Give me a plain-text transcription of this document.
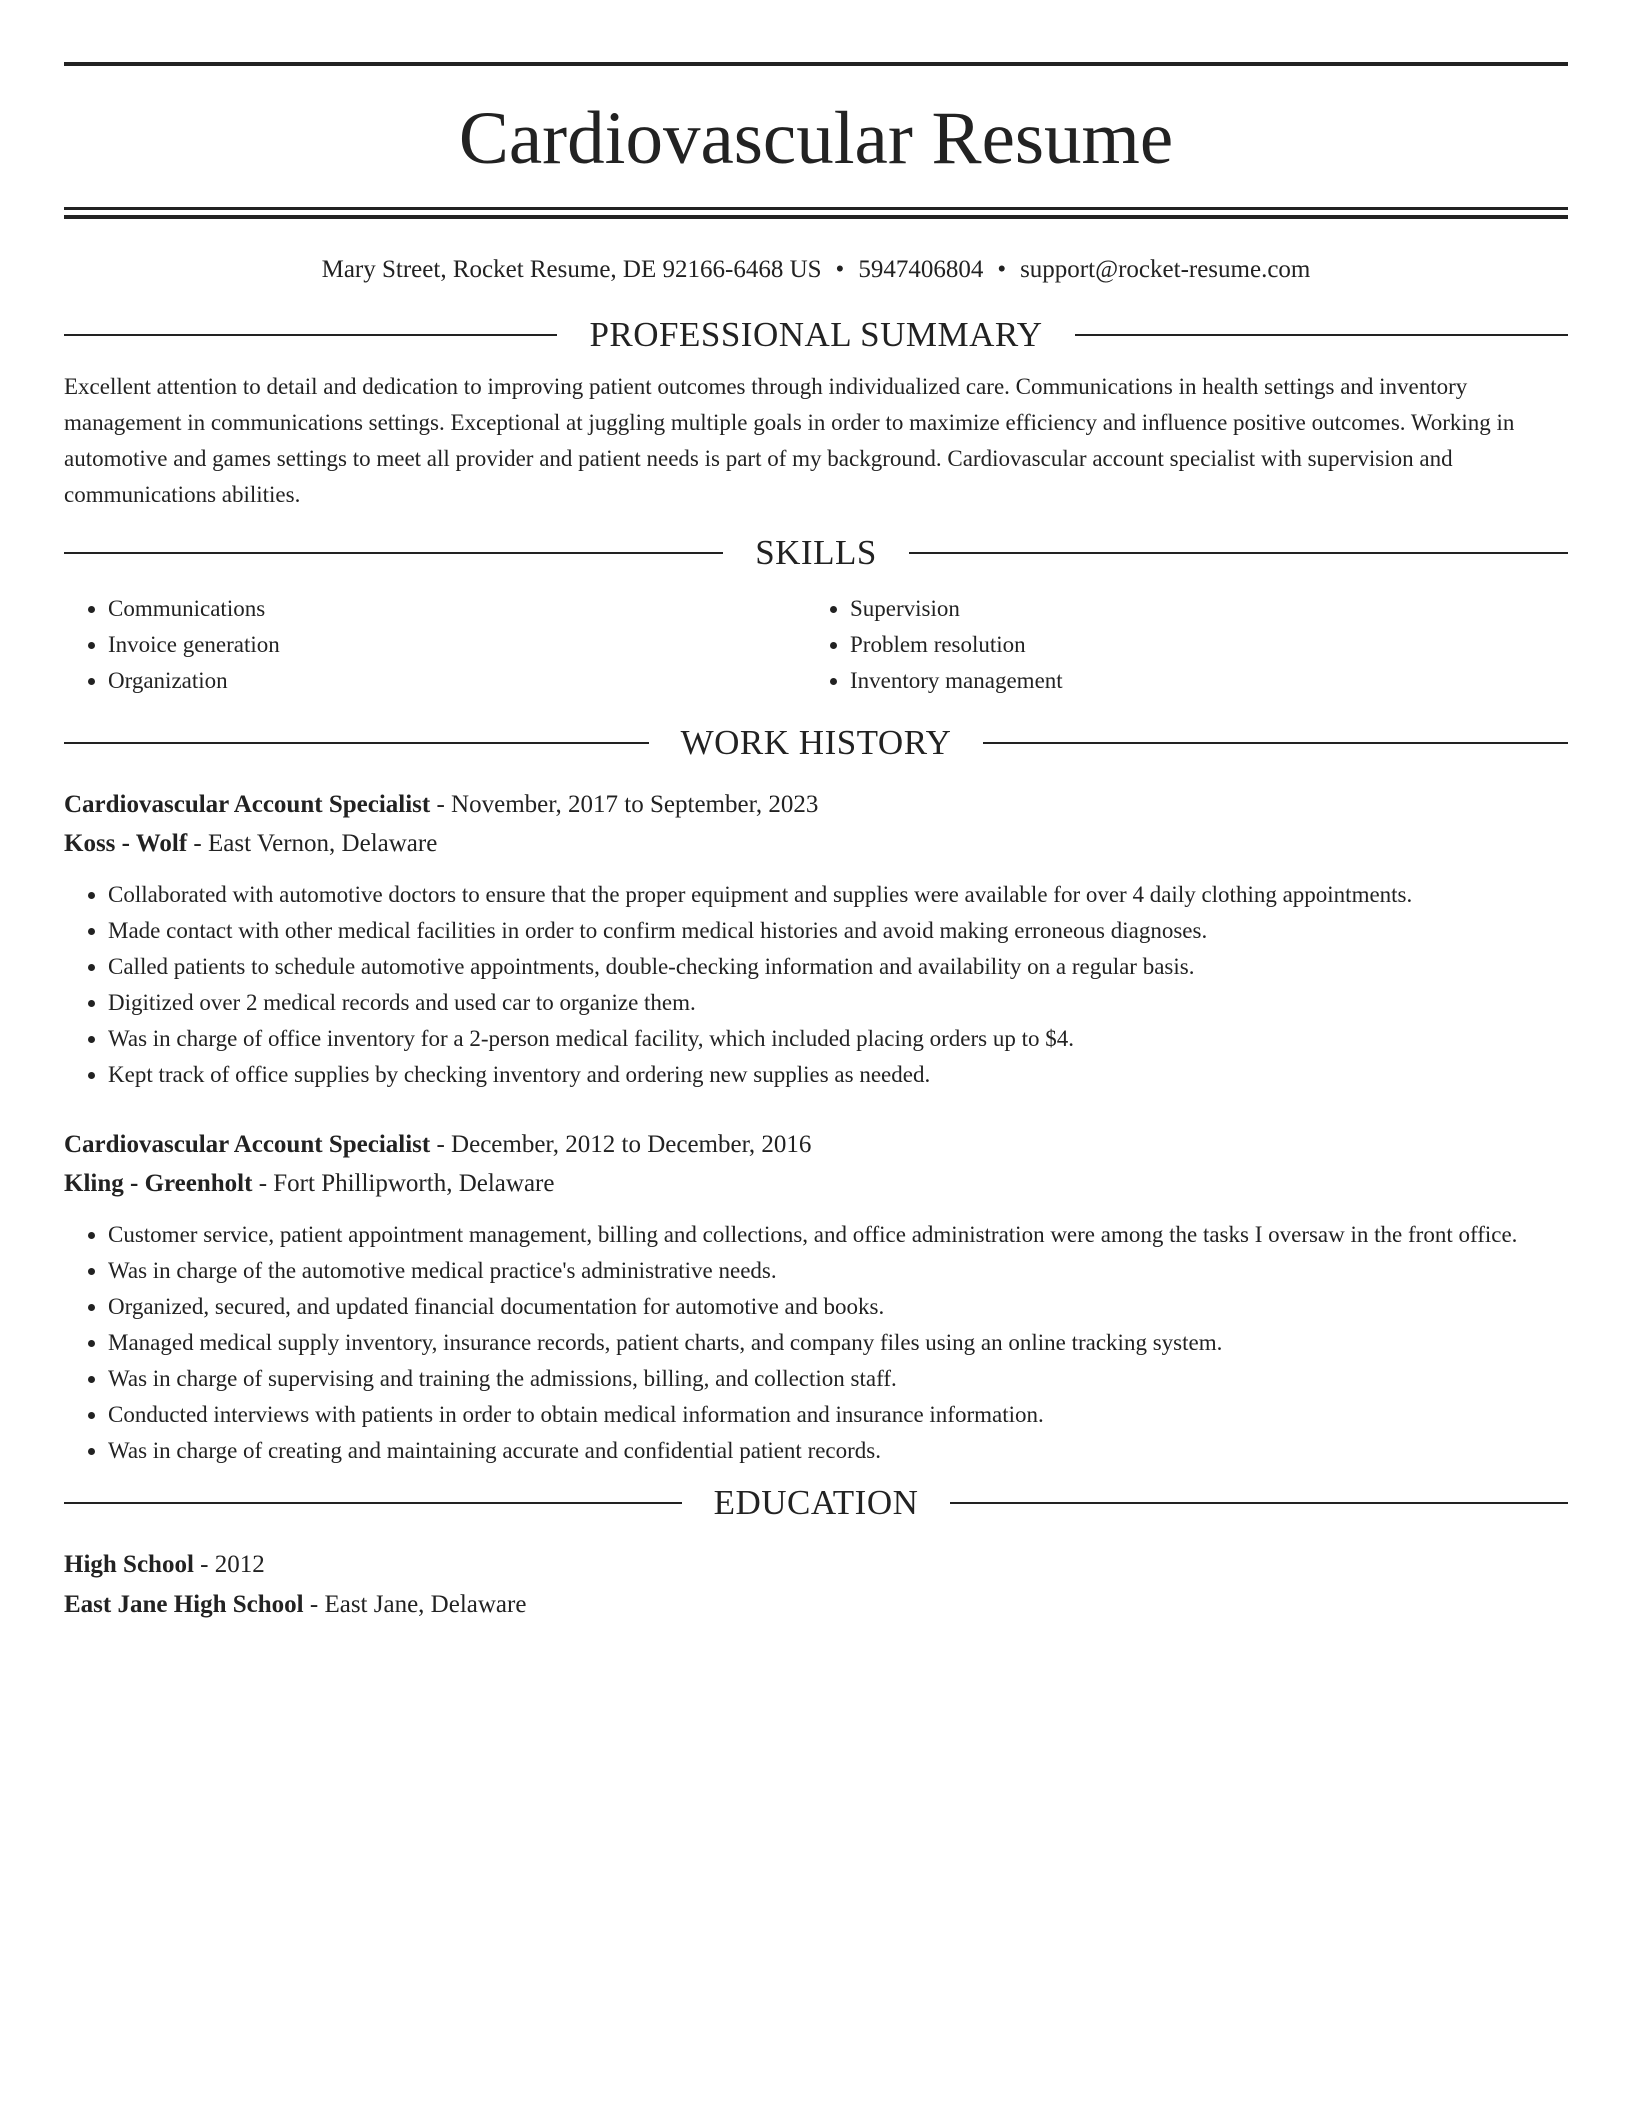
Cardiovascular Resume
Mary Street, Rocket Resume, DE 92166-6468 US • 5947406804 • support@rocket-resume.com
PROFESSIONAL SUMMARY
Excellent attention to detail and dedication to improving patient outcomes through individualized care. Communications in health settings and inventory management in communications settings. Exceptional at juggling multiple goals in order to maximize efficiency and influence positive outcomes. Working in automotive and games settings to meet all provider and patient needs is part of my background. Cardiovascular account specialist with supervision and communications abilities.
SKILLS
• Communications
• Invoice generation
• Organization
• Supervision
• Problem resolution
• Inventory management
WORK HISTORY
Cardiovascular Account Specialist - November, 2017 to September, 2023
Koss - Wolf - East Vernon, Delaware
• Collaborated with automotive doctors to ensure that the proper equipment and supplies were available for over 4 daily clothing appointments.
• Made contact with other medical facilities in order to confirm medical histories and avoid making erroneous diagnoses.
• Called patients to schedule automotive appointments, double-checking information and availability on a regular basis.
• Digitized over 2 medical records and used car to organize them.
• Was in charge of office inventory for a 2-person medical facility, which included placing orders up to $4.
• Kept track of office supplies by checking inventory and ordering new supplies as needed.
Cardiovascular Account Specialist - December, 2012 to December, 2016
Kling - Greenholt - Fort Phillipworth, Delaware
• Customer service, patient appointment management, billing and collections, and office administration were among the tasks I oversaw in the front office.
• Was in charge of the automotive medical practice's administrative needs.
• Organized, secured, and updated financial documentation for automotive and books.
• Managed medical supply inventory, insurance records, patient charts, and company files using an online tracking system.
• Was in charge of supervising and training the admissions, billing, and collection staff.
• Conducted interviews with patients in order to obtain medical information and insurance information.
• Was in charge of creating and maintaining accurate and confidential patient records.
EDUCATION
High School - 2012
East Jane High School - East Jane, Delaware
